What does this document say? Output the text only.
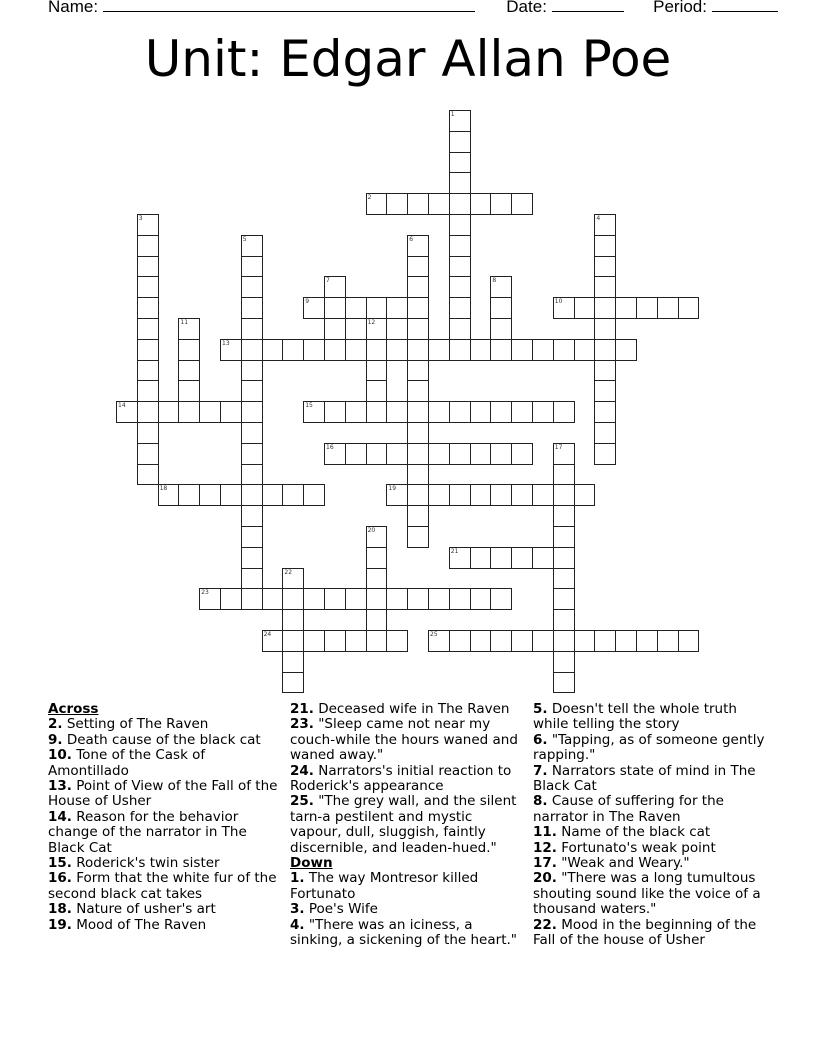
Name:	Date:	Period:
Unit: Edgar Allan Poe
1
2
3	4
5	6
7	8
9	10
11	12
13
14	15
16	17
18	19
20
21
22
23
24	25
Across
2. Setting of The Raven
9. Death cause of the black cat
10. Tone of the Cask of Amontillado
13. Point of View of the Fall of the House of Usher
14. Reason for the behavior change of the narrator in The Black Cat
15. Roderick's twin sister
16. Form that the white fur of the second black cat takes
18. Nature of usher's art
19. Mood of The Raven
21. Deceased wife in The Raven
23. "Sleep came not near my couch-while the hours waned and waned away."
24. Narrators's initial reaction to Roderick's appearance
25. "The grey wall, and the silent tarn-a pestilent and mystic vapour, dull, sluggish, faintly discernible, and leaden-hued."
Down
1. The way Montresor killed Fortunato
3. Poe's Wife
4. "There was an iciness, a sinking, a sickening of the heart."
5. Doesn't tell the whole truth while telling the story
6. "Tapping, as of someone gently rapping."
7. Narrators state of mind in The Black Cat
8. Cause of suffering for the narrator in The Raven
11. Name of the black cat
12. Fortunato's weak point
17. "Weak and Weary."
20. "There was a long tumultous shouting sound like the voice of a thousand waters."
22. Mood in the beginning of the Fall of the house of Usher
